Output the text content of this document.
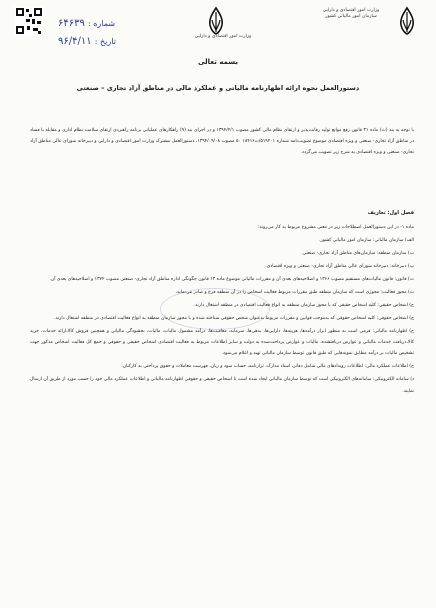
وزارت امور اقتصادی و دارایی
سازمان امور مالیاتی کشور
وزارت امور اقتصادی و دارایی
شماره : ۶۴۶۳۹
تاریخ : ۹۶/۴/۱۱
بسمه تعالی
دستورالعمل نحوه ارائه اظهارنامه مالیاتی و عملکرد مالی در مناطق آزاد تجاری – صنعتی

با توجه به بند (ث) ماده ۳۱ قانون رفع موانع تولید رقابت‌پذیر و ارتقای نظام مالی کشور مصوب ۱۳۹۴/۲/۱ و در اجرای بند (۹) راهکارهای عملیاتی برنامه راهبردی ارتقای سلامت نظام اداری و مقابله با فساد در مناطق آزاد تجاری- صنعتی و ویژه اقتصادی موضوع تصویب‌نامه شماره ۵۱۹۲۰۱/ت۱۸۴۱۶ ۵۰ مصوب ۱۳۹۴/۰۹/۰۸، دستورالعمل مشترک وزارت امور اقتصادی و دارایی و دبیرخانه شورای عالی مناطق آزاد تجاری- صنعتی و ویژه اقتصادی به شرح زیر تصویب می‌گردد.

فصل اول: تعاریف

ماده ۱- در این دستورالعمل اصطلاحات زیر در معنی مشروح مربوط به کار می‌روند:

الف) سازمان مالیاتی: سازمان امور مالیاتی کشور.

ب) سازمان منطقه: سازمان‌های مناطق آزاد تجاری- صنعتی.

پ) دبیرخانه: دبیرخانه شورای عالی مناطق آزاد تجاری- صنعتی و ویژه اقتصادی.

ت) قانون: قانون مالیات‌های مستقیم مصوب ۱۳۶۶ و اصلاحیه‌های بعدی آن و مقررات مالیاتی موضوع ماده ۱۳ قانون چگونگی اداره مناطق آزاد تجاری- صنعتی مصوب ۱۳۷۲ و اصلاحیه‌های بعدی آن.

ث) مجوز فعالیت: مجوزی است که سازمان منطقه طبق مقررات مربوط فعالیت اشخاص را در آن منطقه فرع و صادر می‌نماید.

ج) اشخاص حقیقی: کلیه اشخاص حقیقی که با مجوز سازمان منطقه به انواع فعالیت اقتصادی در منطقه اشتغال دارند.

چ) اشخاص حقوقی: کلیه اشخاص حقوقی که به‌موجب قوانین و مقررات مربوط به‌عنوان شخص حقوقی شناخته شده و با مجوز سازمان منطقه به انواع فعالیت اقتصادی در منطقه اشتغال دارند.

ح) اظهارنامه مالیاتی: فرمی است به منظور ابراز درآمدها، هزینه‌ها، دارایی‌ها، بدهی‌ها، سرمایه، معافیت‌ها، درآمد مشمول مالیات، مالیات، بخشودگی مالیاتی و همچنین فروش کالا،ارائه خدمات، خرید کالا،دریافت خدمات مالیاتی و عوارض دریافتشده، مالیات و عوارض پرداخت‌شده به دولت و سایر اطلاعات مربوط به فعالیت اقتصادی اشخاص حقیقی و حقوقی و جمع کل فعالیت اشخاص مذکور جهت تشخیص مالیات بر درآمد مطابق نمونه‌هایی که طبق قانون توسط سازمان مالیاتی تهیه و اعلام می‌شود.

خ) اطلاعات عملکرد مالی: اطلاعات رویدادهای مالی شامل دفاتر، اسناد مدارک، ترازنامه، حساب سود و زیان، فهرست معاملات و حقوق پرداختی به کارکنان.

د) سامانه الکترونیکی: سامانه‌های الکترونیکی است که توسط سازمان مالیاتی ایجاد شده است تا اشخاص حقیقی و حقوقی اظهارنامه مالیاتی و اطلاعات عملکرد مالی خود را حسب مورد از طریق آن ارسال نمایند.
